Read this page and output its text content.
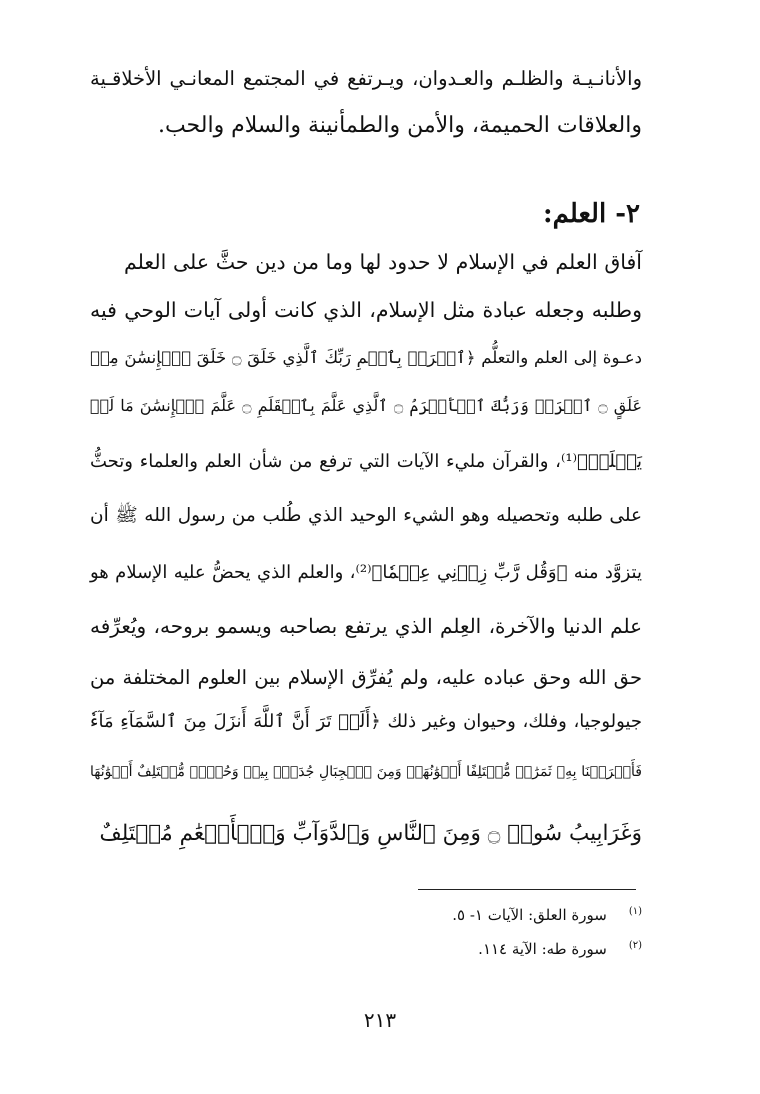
والأنانـيـة والظلـم والعـدوان، ويـرتفع في المجتمع المعانـي الأخلاقـية
والعلاقات الحميمة، والأمن والطمأنينة والسلام والحب.
٢- العلم:
آفاق العلم في الإسلام لا حدود لها وما من دين حثَّ على العلم
وطلبه وجعله عبادة مثل الإسلام، الذي كانت أولى آيات الوحي فيه
دعـوة إلى العلم والتعلُّم ﴿ٱقۡرَأۡ بِٱسۡمِ رَبِّكَ ٱلَّذِي خَلَقَ ۝ خَلَقَ ٱلۡإِنسَٰنَ مِنۡ
عَلَقٍ ۝ ٱقۡرَأۡ وَرَبُّكَ ٱلۡأَكۡرَمُ ۝ ٱلَّذِي عَلَّمَ بِٱلۡقَلَمِ ۝ عَلَّمَ ٱلۡإِنسَٰنَ مَا لَمۡ
يَعۡلَمۡ﴾⁽¹⁾، والقرآن مليء الآيات التي ترفع من شأن العلم والعلماء وتحثُّ
على طلبه وتحصيله وهو الشيء الوحيد الذي طُلب من رسول الله ﷺ أن
يتزوَّد منه ﴿وَقُل رَّبِّ زِدۡنِي عِلۡمٗا﴾⁽²⁾، والعلم الذي يحضُّ عليه الإسلام هو
علم الدنيا والآخرة، العِلم الذي يرتفع بصاحبه ويسمو بروحه، ويُعرِّفه
حق الله وحق عباده عليه، ولم يُفرِّق الإسلام بين العلوم المختلفة من
جيولوجيا، وفلك، وحيوان وغير ذلك ﴿أَلَمۡ تَرَ أَنَّ ٱللَّهَ أَنزَلَ مِنَ ٱلسَّمَآءِ مَآءٗ
فَأَخۡرَجۡنَا بِهِۦ ثَمَرَٰتٖ مُّخۡتَلِفًا أَلۡوَٰنُهَاۚ وَمِنَ ٱلۡجِبَالِ جُدَدُۢ بِيضٞ وَحُمۡرٞ مُّخۡتَلِفٌ أَلۡوَٰنُهَا
وَغَرَابِيبُ سُودٞ ۝ وَمِنَ ٱلنَّاسِ وَٱلدَّوَآبِّ وَٱلۡأَنۡعَٰمِ مُخۡتَلِفٌ
$^{(١)}$سورة العلق: الآيات ١- ٥.
$^{(٢)}$سورة طه: الآية ١١٤.
٢١٣
